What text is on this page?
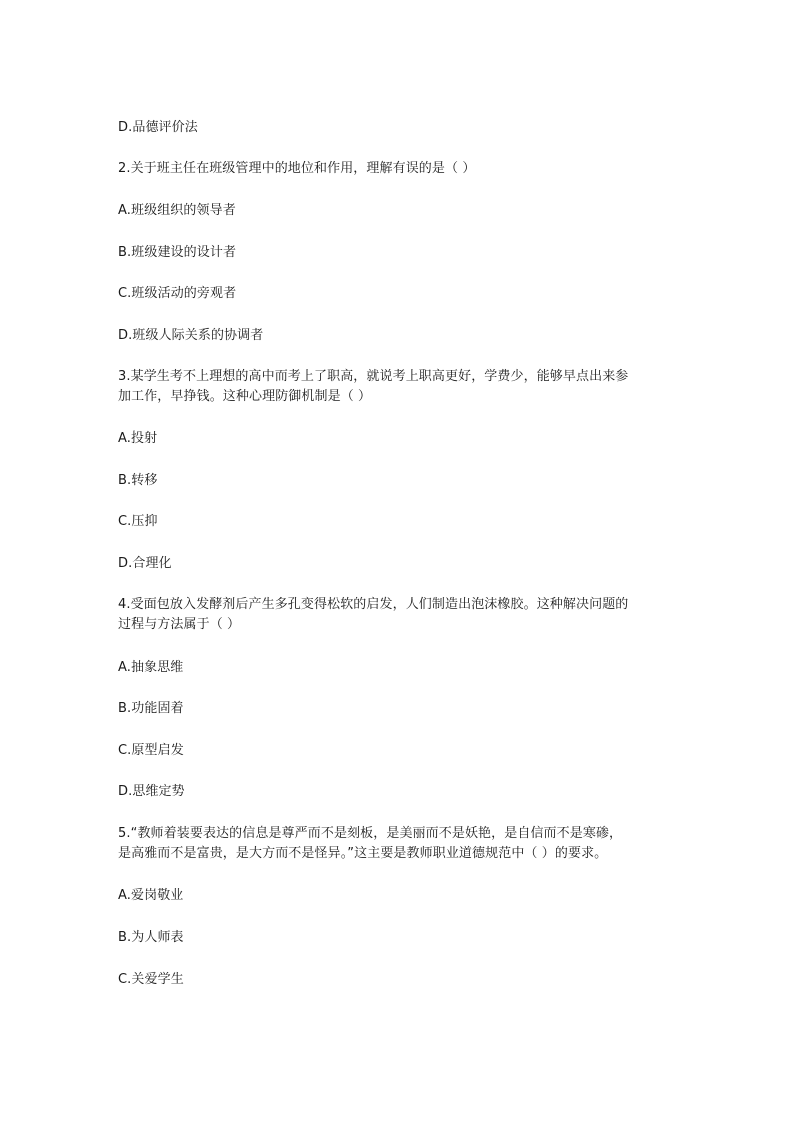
D.品德评价法
2.关于班主任在班级管理中的地位和作用，理解有误的是（ ）
A.班级组织的领导者
B.班级建设的设计者
C.班级活动的旁观者
D.班级人际关系的协调者
3.某学生考不上理想的高中而考上了职高，就说考上职高更好，学费少，能够早点出来参
加工作，早挣钱。这种心理防御机制是（ ）
A.投射
B.转移
C.压抑
D.合理化
4.受面包放入发酵剂后产生多孔变得松软的启发，人们制造出泡沫橡胶。这种解决问题的
过程与方法属于（ ）
A.抽象思维
B.功能固着
C.原型启发
D.思维定势
5.“教师着装要表达的信息是尊严而不是刻板，是美丽而不是妖艳，是自信而不是寒碜，
是高雅而不是富贵，是大方而不是怪异。”这主要是教师职业道德规范中（ ）的要求。
A.爱岗敬业
B.为人师表
C.关爱学生
